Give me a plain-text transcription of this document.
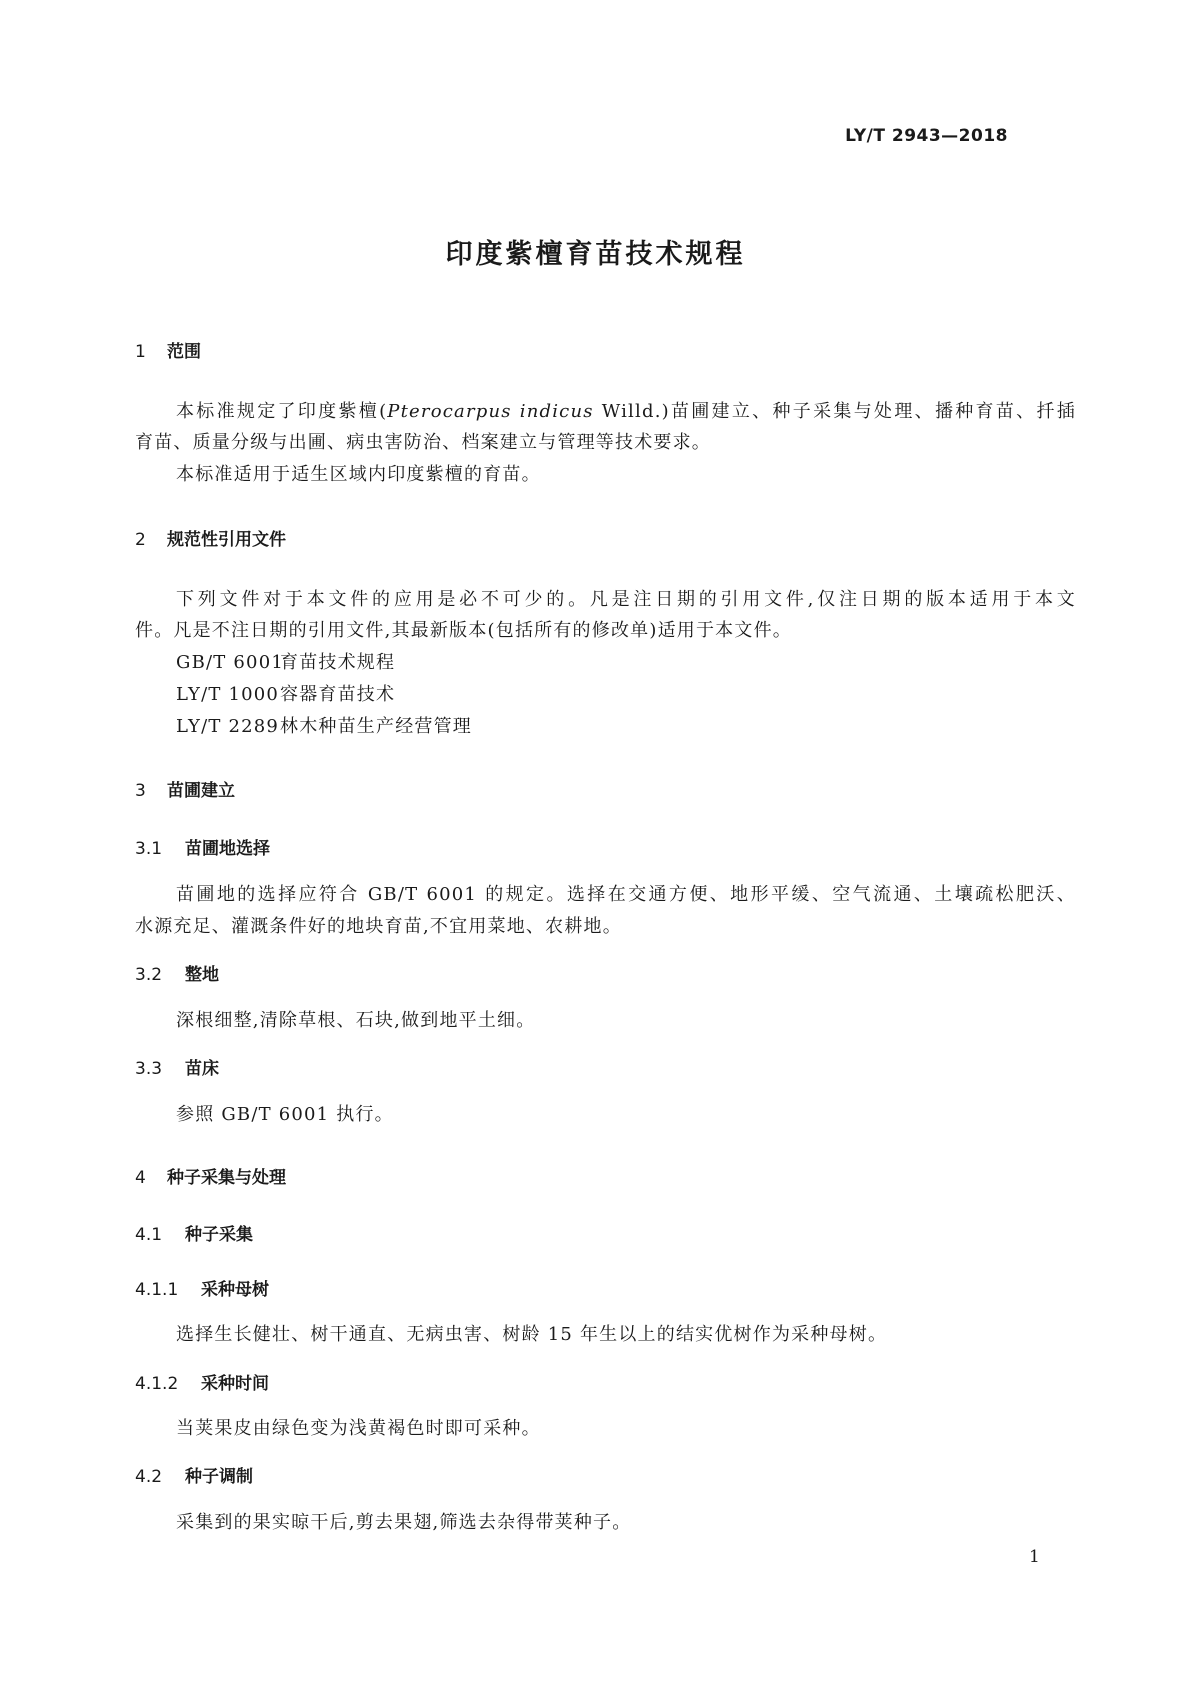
LY/T 2943—2018
印度紫檀育苗技术规程
1 范围
本标准规定了印度紫檀(Pterocarpus indicus Willd.)苗圃建立、种子采集与处理、播种育苗、扦插
育苗、质量分级与出圃、病虫害防治、档案建立与管理等技术要求。
本标准适用于适生区域内印度紫檀的育苗。
2 规范性引用文件
下列文件对于本文件的应用是必不可少的。凡是注日期的引用文件,仅注日期的版本适用于本文
件。凡是不注日期的引用文件,其最新版本(包括所有的修改单)适用于本文件。
GB/T 6001育苗技术规程
LY/T 1000容器育苗技术
LY/T 2289林木种苗生产经营管理
3 苗圃建立
3.1 苗圃地选择
苗圃地的选择应符合 GB/T 6001 的规定。选择在交通方便、地形平缓、空气流通、土壤疏松肥沃、
水源充足、灌溉条件好的地块育苗,不宜用菜地、农耕地。
3.2 整地
深根细整,清除草根、石块,做到地平土细。
3.3 苗床
参照 GB/T 6001 执行。
4 种子采集与处理
4.1 种子采集
4.1.1 采种母树
选择生长健壮、树干通直、无病虫害、树龄 15 年生以上的结实优树作为采种母树。
4.1.2 采种时间
当荚果皮由绿色变为浅黄褐色时即可采种。
4.2 种子调制
采集到的果实晾干后,剪去果翅,筛选去杂得带荚种子。
1
